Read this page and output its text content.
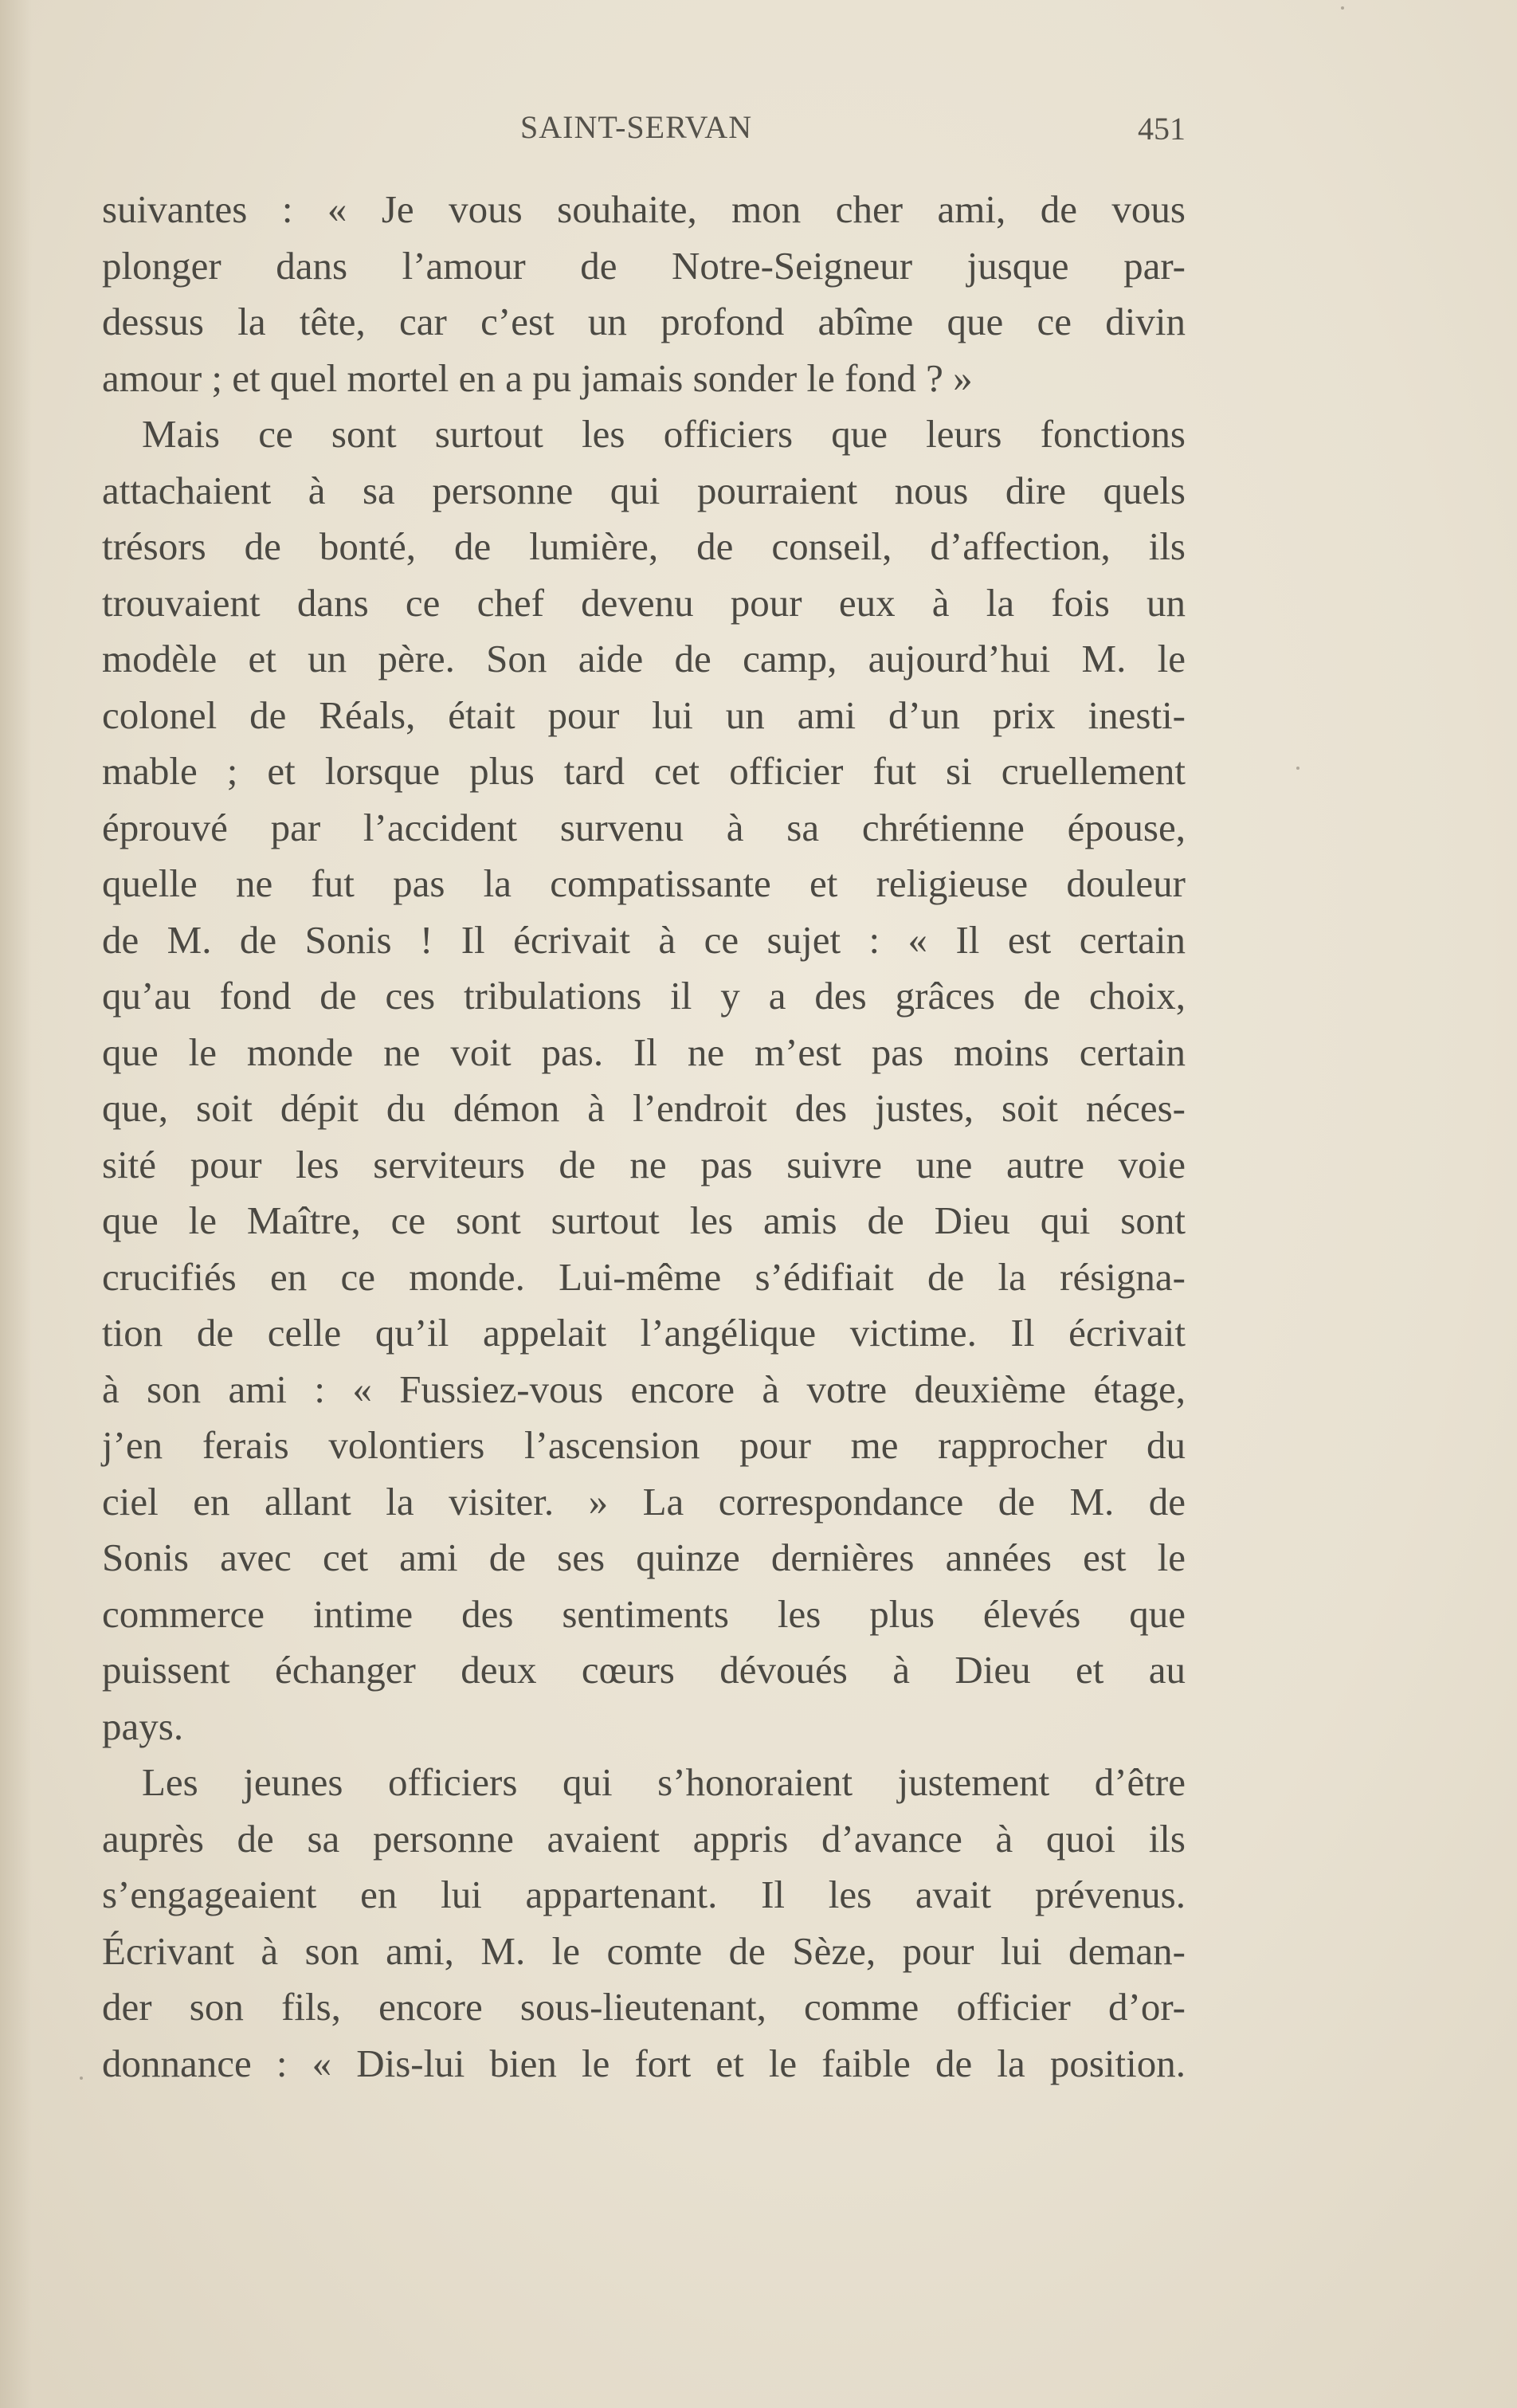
SAINT-SERVAN	451
suivantes : « Je vous souhaite, mon cher ami, de vous
plonger dans l’amour de Notre-Seigneur jusque par-
dessus la tête, car c’est un profond abîme que ce divin
amour ; et quel mortel en a pu jamais sonder le fond ? »
Mais ce sont surtout les officiers que leurs fonctions
attachaient à sa personne qui pourraient nous dire quels
trésors de bonté, de lumière, de conseil, d’affection, ils
trouvaient dans ce chef devenu pour eux à la fois un
modèle et un père. Son aide de camp, aujourd’hui M. le
colonel de Réals, était pour lui un ami d’un prix inesti-
mable ; et lorsque plus tard cet officier fut si cruellement
éprouvé par l’accident survenu à sa chrétienne épouse,
quelle ne fut pas la compatissante et religieuse douleur
de M. de Sonis ! Il écrivait à ce sujet : « Il est certain
qu’au fond de ces tribulations il y a des grâces de choix,
que le monde ne voit pas. Il ne m’est pas moins certain
que, soit dépit du démon à l’endroit des justes, soit néces-
sité pour les serviteurs de ne pas suivre une autre voie
que le Maître, ce sont surtout les amis de Dieu qui sont
crucifiés en ce monde. Lui-même s’édifiait de la résigna-
tion de celle qu’il appelait l’angélique victime. Il écrivait
à son ami : « Fussiez-vous encore à votre deuxième étage,
j’en ferais volontiers l’ascension pour me rapprocher du
ciel en allant la visiter. » La correspondance de M. de
Sonis avec cet ami de ses quinze dernières années est le
commerce intime des sentiments les plus élevés que
puissent échanger deux cœurs dévoués à Dieu et au
pays.
Les jeunes officiers qui s’honoraient justement d’être
auprès de sa personne avaient appris d’avance à quoi ils
s’engageaient en lui appartenant. Il les avait prévenus.
Écrivant à son ami, M. le comte de Sèze, pour lui deman-
der son fils, encore sous-lieutenant, comme officier d’or-
donnance : « Dis-lui bien le fort et le faible de la position.
